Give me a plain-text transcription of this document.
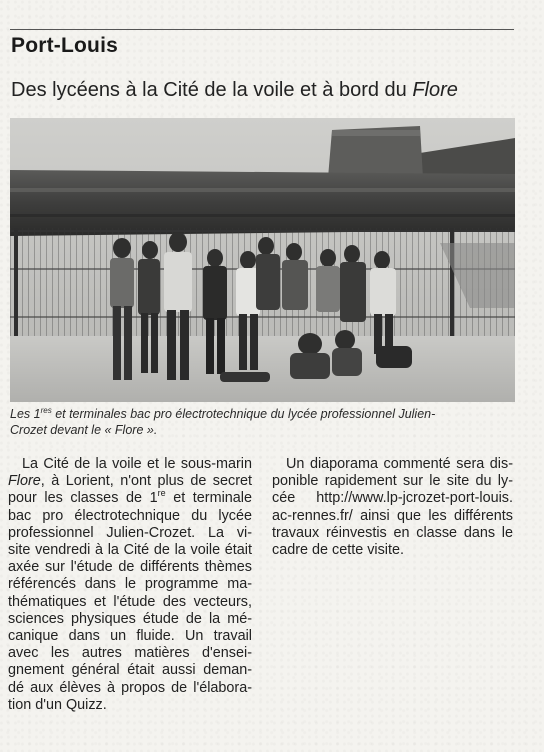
Port-Louis
Des lycéens à la Cité de la voile et à bord du Flore
Les 1res et terminales bac pro électrotechnique du lycée professionnel Julien-
Crozet devant le « Flore ».
La Cité de la voile et le sous-marin
Flore, à Lorient, n'ont plus de secret
pour les classes de 1re et terminale
bac pro électrotechnique du lycée
professionnel Julien-Crozet. La vi-
site vendredi à la Cité de la voile était
axée sur l'étude de différents thèmes
référencés dans le programme ma-
thématiques et l'étude des vecteurs,
sciences physiques étude de la mé-
canique dans un fluide. Un travail
avec les autres matières d'ensei-
gnement général était aussi deman-
dé aux élèves à propos de l'élabora-
tion d'un Quizz.
Un diaporama commenté sera dis-
ponible rapidement sur le site du ly-
cée http://www.lp-jcrozet-port-louis.
ac-rennes.fr/ ainsi que les différents
travaux réinvestis en classe dans le
cadre de cette visite.
